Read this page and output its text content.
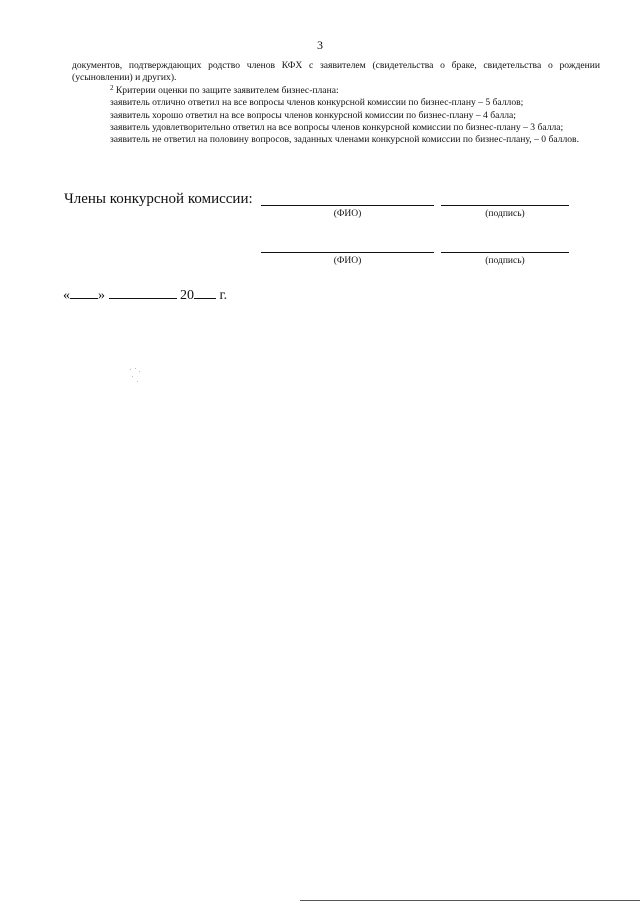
3

документов, подтверждающих родство членов КФХ с заявителем (свидетельства о браке, свидетельства о рождении (усыновлении) и других).

$^2$ Критерии оценки по защите заявителем бизнес-плана:

заявитель отлично ответил на все вопросы членов конкурсной комиссии по бизнес-плану – 5 баллов;

заявитель хорошо ответил на все вопросы членов конкурсной комиссии по бизнес-плану – 4 балла;

заявитель удовлетворительно ответил на все вопросы членов конкурсной комиссии по бизнес-плану – 3 балла;

заявитель не ответил на половину вопросов, заданных членами конкурсной комиссии по бизнес-плану, – 0 баллов.

Члены конкурсной комиссии:
(ФИО)	(подпись)
(ФИО)	(подпись)
« »	20 г.
